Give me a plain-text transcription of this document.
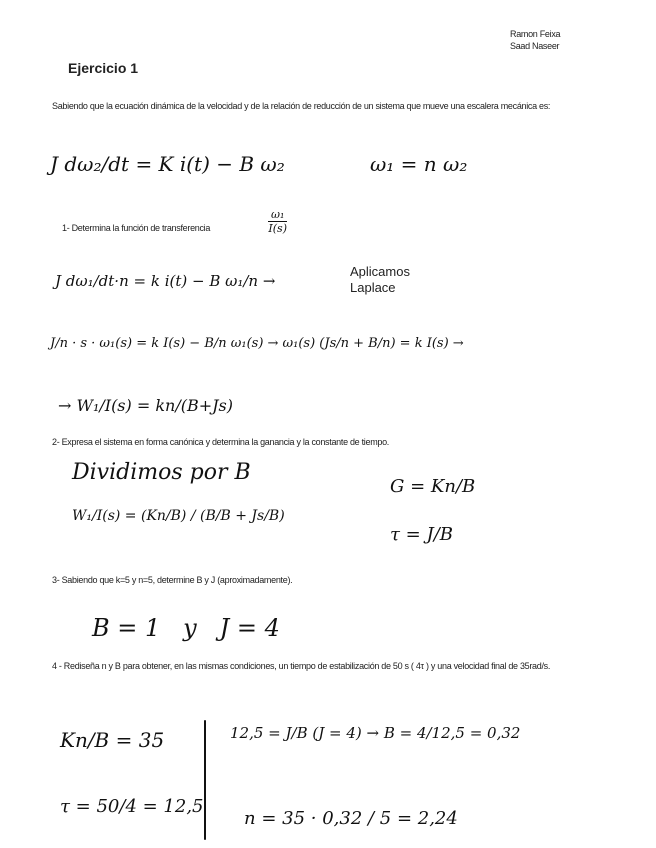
Ramon Feixa
Saad Naseer
Ejercicio 1
Sabiendo que la ecuación dinámica de la velocidad y de la relación de reducción de un sistema que mueve una escalera mecánica es:
J dω₂/dt = K i(t) − B ω₂	ω₁ = n ω₂
1- Determina la función de transferencia	$\frac{\text{ω₁}}{I(s)}$
J dω₁/dt·n = k i(t) − B ω₁/n →
Aplicamos
Laplace
J/n · s · ω₁(s) = k I(s) − B/n ω₁(s) → ω₁(s) (Js/n + B/n) = k I(s) →
→ W₁/I(s) = kn/(B+Js)
2- Expresa el sistema en forma canónica y determina la ganancia y la constante de tiempo.
Dividimos por B
W₁/I(s) = (Kn/B) / (B/B + Js/B)
G = Kn/B
τ = J/B
3- Sabiendo que k=5 y n=5, determine B y J (aproximadamente).
B = 1   y   J = 4
4 - Rediseña n y B para obtener, en las mismas condiciones, un tiempo de estabilización de 50 s ( 4τ ) y una velocidad final de 35rad/s.
Kn/B = 35
τ = 50/4 = 12,5
12,5 = J/B (J = 4) → B = 4/12,5 = 0,32
n = 35 · 0,32 / 5 = 2,24
